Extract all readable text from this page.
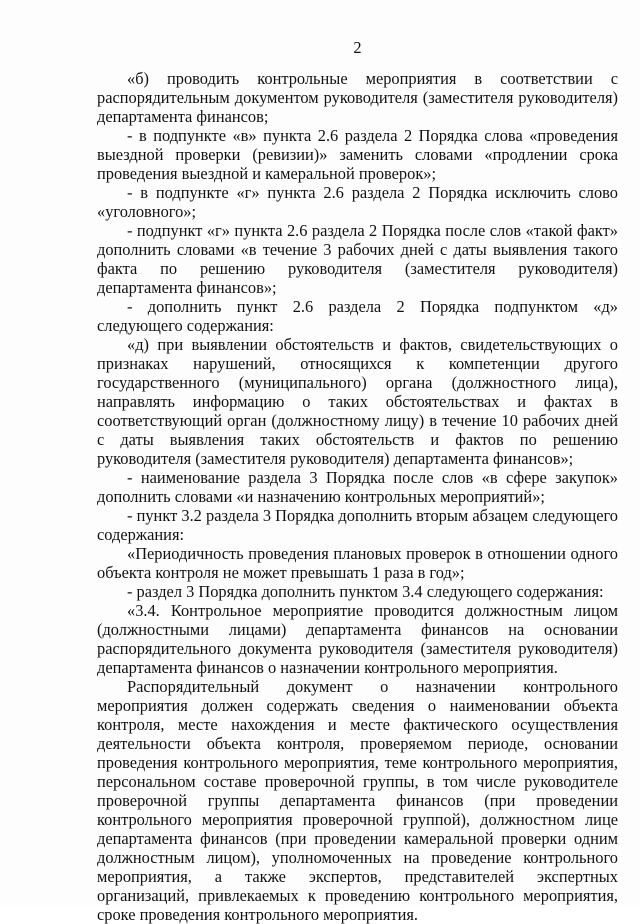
2

«б) проводить контрольные мероприятия в соответствии с распорядительным документом руководителя (заместителя руководителя) департамента финансов;

- в подпункте «в» пункта 2.6 раздела 2 Порядка слова «проведения выездной проверки (ревизии)» заменить словами «продлении срока проведения выездной и камеральной проверок»;

- в подпункте «г» пункта 2.6 раздела 2 Порядка исключить слово «уголовного»;

- подпункт «г» пункта 2.6 раздела 2 Порядка после слов «такой факт» дополнить словами «в течение 3 рабочих дней с даты выявления такого факта по решению руководителя (заместителя руководителя) департамента финансов»;

- дополнить пункт 2.6 раздела 2 Порядка подпунктом «д» следующего содержания:

«д) при выявлении обстоятельств и фактов, свидетельствующих о признаках нарушений, относящихся к компетенции другого государственного (муниципального) органа (должностного лица), направлять информацию о таких обстоятельствах и фактах в соответствующий орган (должностному лицу) в течение 10 рабочих дней с даты выявления таких обстоятельств и фактов по решению руководителя (заместителя руководителя) департамента финансов»;

- наименование раздела 3 Порядка после слов «в сфере закупок» дополнить словами «и назначению контрольных мероприятий»;

- пункт 3.2 раздела 3 Порядка дополнить вторым абзацем следующего содержания:

«Периодичность проведения плановых проверок в отношении одного объекта контроля не может превышать 1 раза в год»;

- раздел 3 Порядка дополнить пунктом 3.4 следующего содержания:

«3.4. Контрольное мероприятие проводится должностным лицом (должностными лицами) департамента финансов на основании распорядительного документа руководителя (заместителя руководителя) департамента финансов о назначении контрольного мероприятия.

Распорядительный документ о назначении контрольного мероприятия должен содержать сведения о наименовании объекта контроля, месте нахождения и месте фактического осуществления деятельности объекта контроля, проверяемом периоде, основании проведения контрольного мероприятия, теме контрольного мероприятия, персональном составе проверочной группы, в том числе руководителе проверочной группы департамента финансов (при проведении контрольного мероприятия проверочной группой), должностном лице департамента финансов (при проведении камеральной проверки одним должностным лицом), уполномоченных на проведение контрольного мероприятия, а также экспертов, представителей экспертных организаций, привлекаемых к проведению контрольного мероприятия, сроке проведения контрольного мероприятия.
